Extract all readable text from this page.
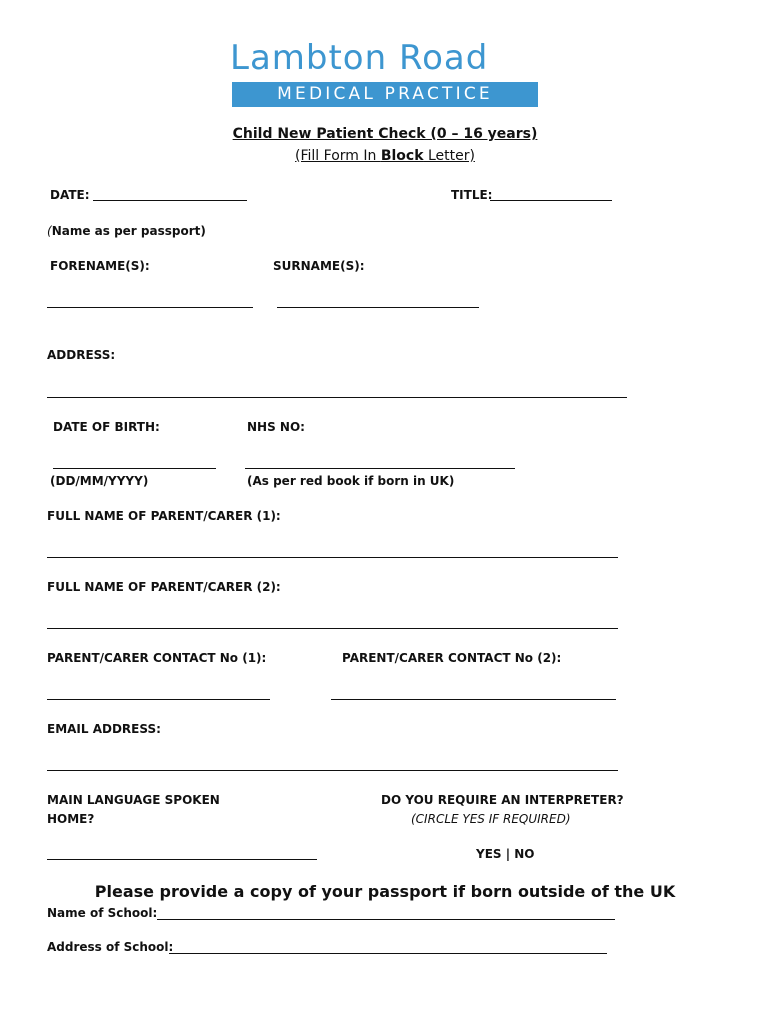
Lambton Road
MEDICAL PRACTICE
Child New Patient Check (0 – 16 years)
(Fill Form In Block Letter)
DATE:	TITLE:
(Name as per passport)
FORENAME(S):	SURNAME(S):
ADDRESS:
DATE OF BIRTH:	NHS NO:
(DD/MM/YYYY)	(As per red book if born in UK)
FULL NAME OF PARENT/CARER (1):
FULL NAME OF PARENT/CARER (2):
PARENT/CARER CONTACT No (1):	PARENT/CARER CONTACT No (2):
EMAIL ADDRESS:
MAIN LANGUAGE SPOKEN
HOME?
DO YOU REQUIRE AN INTERPRETER?
(CIRCLE YES IF REQUIRED)
YES | NO
Please provide a copy of your passport if born outside of the UK
Name of School:
Address of School:
